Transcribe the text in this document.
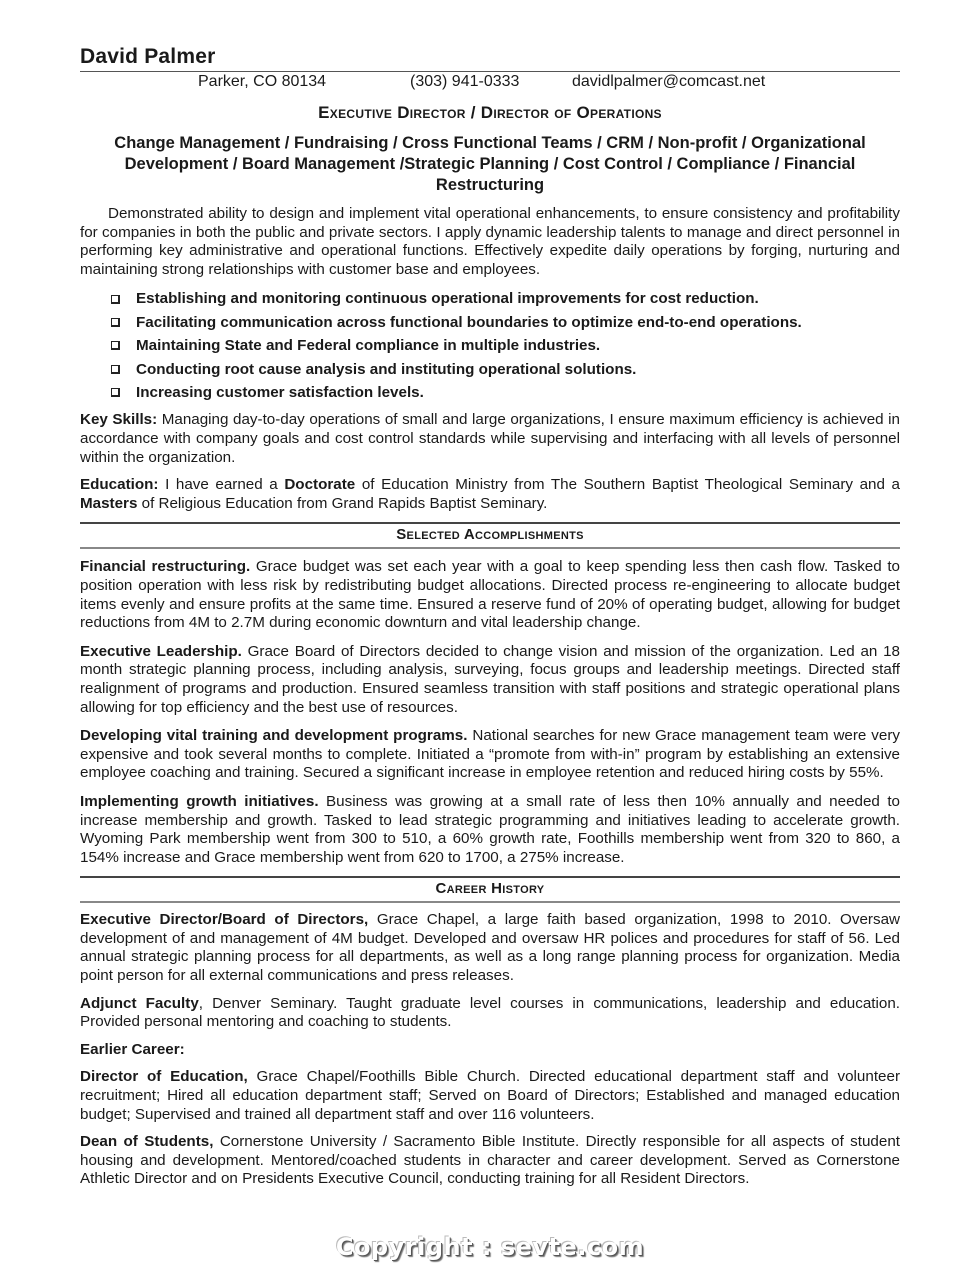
David Palmer
Parker, CO 80134	(303) 941-0333	davidlpalmer@comcast.net
Executive Director / Director of Operations
Change Management / Fundraising / Cross Functional Teams / CRM / Non-profit / Organizational Development / Board Management /Strategic Planning / Cost Control / Compliance / Financial Restructuring

Demonstrated ability to design and implement vital operational enhancements, to ensure consistency and profitability for companies in both the public and private sectors. I apply dynamic leadership talents to manage and direct personnel in performing key administrative and operational functions. Effectively expedite daily operations by forging, nurturing and maintaining strong relationships with customer base and employees.

Establishing and monitoring continuous operational improvements for cost reduction.
Facilitating communication across functional boundaries to optimize end-to-end operations.
Maintaining State and Federal compliance in multiple industries.
Conducting root cause analysis and instituting operational solutions.
Increasing customer satisfaction levels.

Key Skills: Managing day-to-day operations of small and large organizations, I ensure maximum efficiency is achieved in accordance with company goals and cost control standards while supervising and interfacing with all levels of personnel within the organization.

Education: I have earned a Doctorate of Education Ministry from The Southern Baptist Theological Seminary and a Masters of Religious Education from Grand Rapids Baptist Seminary.

Selected Accomplishments

Financial restructuring. Grace budget was set each year with a goal to keep spending less then cash flow. Tasked to position operation with less risk by redistributing budget allocations. Directed process re-engineering to allocate budget items evenly and ensure profits at the same time. Ensured a reserve fund of 20% of operating budget, allowing for budget reductions from 4M to 2.7M during economic downturn and vital leadership change.

Executive Leadership. Grace Board of Directors decided to change vision and mission of the organization. Led an 18 month strategic planning process, including analysis, surveying, focus groups and leadership meetings. Directed staff realignment of programs and production. Ensured seamless transition with staff positions and strategic operational plans allowing for top efficiency and the best use of resources.

Developing vital training and development programs. National searches for new Grace management team were very expensive and took several months to complete. Initiated a “promote from with-in” program by establishing an extensive employee coaching and training. Secured a significant increase in employee retention and reduced hiring costs by 55%.

Implementing growth initiatives. Business was growing at a small rate of less then 10% annually and needed to increase membership and growth. Tasked to lead strategic programming and initiatives leading to accelerate growth. Wyoming Park membership went from 300 to 510, a 60% growth rate, Foothills membership went from 320 to 860, a 154% increase and Grace membership went from 620 to 1700, a 275% increase.

Career History

Executive Director/Board of Directors, Grace Chapel, a large faith based organization, 1998 to 2010. Oversaw development of and management of 4M budget. Developed and oversaw HR polices and procedures for staff of 56. Led annual strategic planning process for all departments, as well as a long range planning process for organization. Media point person for all external communications and press releases.

Adjunct Faculty, Denver Seminary. Taught graduate level courses in communications, leadership and education. Provided personal mentoring and coaching to students.

Earlier Career:

Director of Education, Grace Chapel/Foothills Bible Church. Directed educational department staff and volunteer recruitment; Hired all education department staff; Served on Board of Directors; Established and managed education budget; Supervised and trained all department staff and over 116 volunteers.

Dean of Students, Cornerstone University / Sacramento Bible Institute. Directly responsible for all aspects of student housing and development. Mentored/coached students in character and career development. Served as Cornerstone Athletic Director and on Presidents Executive Council, conducting training for all Resident Directors.

Copyright : sevte.com
